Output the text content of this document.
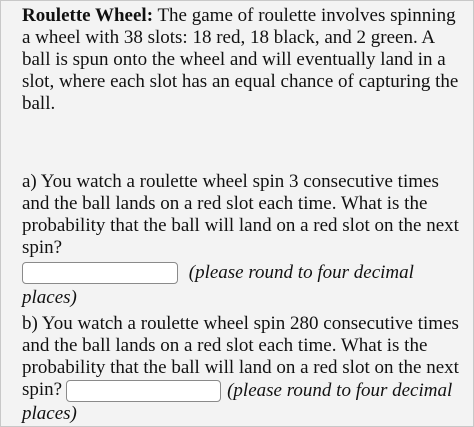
Roulette Wheel: The game of roulette involves spinning
a wheel with 38 slots: 18 red, 18 black, and 2 green. A
ball is spun onto the wheel and will eventually land in a
slot, where each slot has an equal chance of capturing the
ball.
a) You watch a roulette wheel spin 3 consecutive times
and the ball lands on a red slot each time. What is the
probability that the ball will land on a red slot on the next
spin?
(please round to four decimal
places)
b) You watch a roulette wheel spin 280 consecutive times
and the ball lands on a red slot each time. What is the
probability that the ball will land on a red slot on the next
spin?	(please round to four decimal
places)
